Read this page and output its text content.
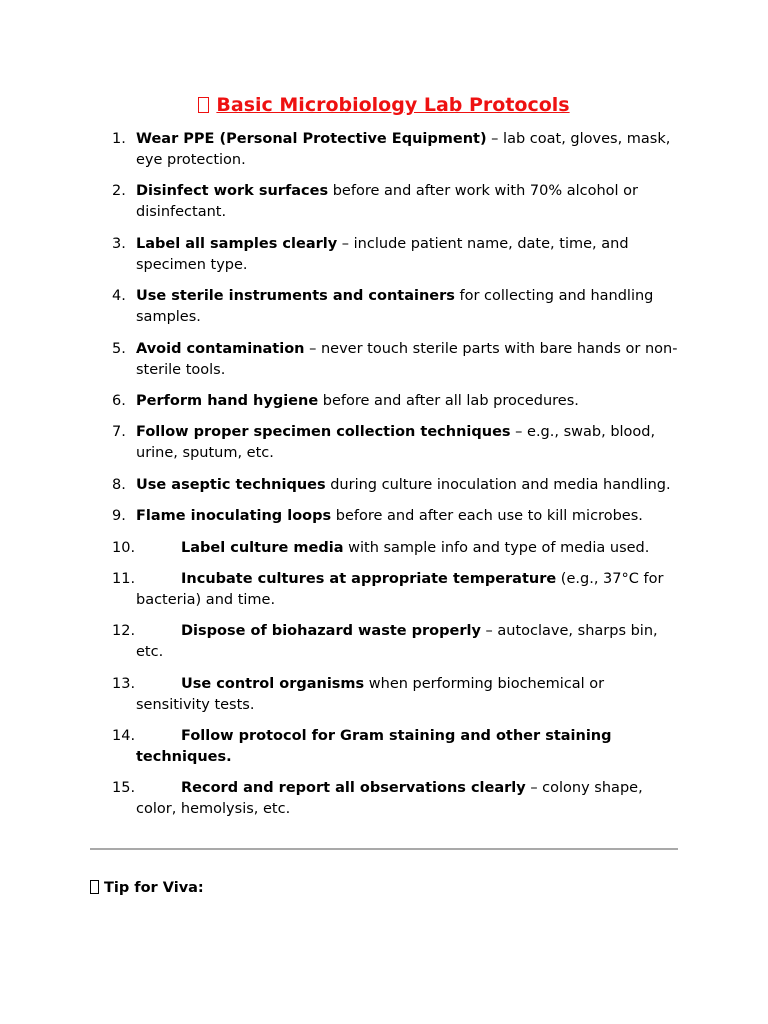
Basic Microbiology Lab Protocols
1. Wear PPE (Personal Protective Equipment) – lab coat, gloves, mask, eye protection.
2. Disinfect work surfaces before and after work with 70% alcohol or disinfectant.
3. Label all samples clearly – include patient name, date, time, and specimen type.
4. Use sterile instruments and containers for collecting and handling samples.
5. Avoid contamination – never touch sterile parts with bare hands or non-sterile tools.
6. Perform hand hygiene before and after all lab procedures.
7. Follow proper specimen collection techniques – e.g., swab, blood, urine, sputum, etc.
8. Use aseptic techniques during culture inoculation and media handling.
9. Flame inoculating loops before and after each use to kill microbes.
10.	Label culture media with sample info and type of media used.
11.	Incubate cultures at appropriate temperature (e.g., 37°C for bacteria) and time.
12.	Dispose of biohazard waste properly – autoclave, sharps bin, etc.
13.	Use control organisms when performing biochemical or sensitivity tests.
14.	Follow protocol for Gram staining and other staining techniques.
15.	Record and report all observations clearly – colony shape, color, hemolysis, etc.
Tip for Viva:
